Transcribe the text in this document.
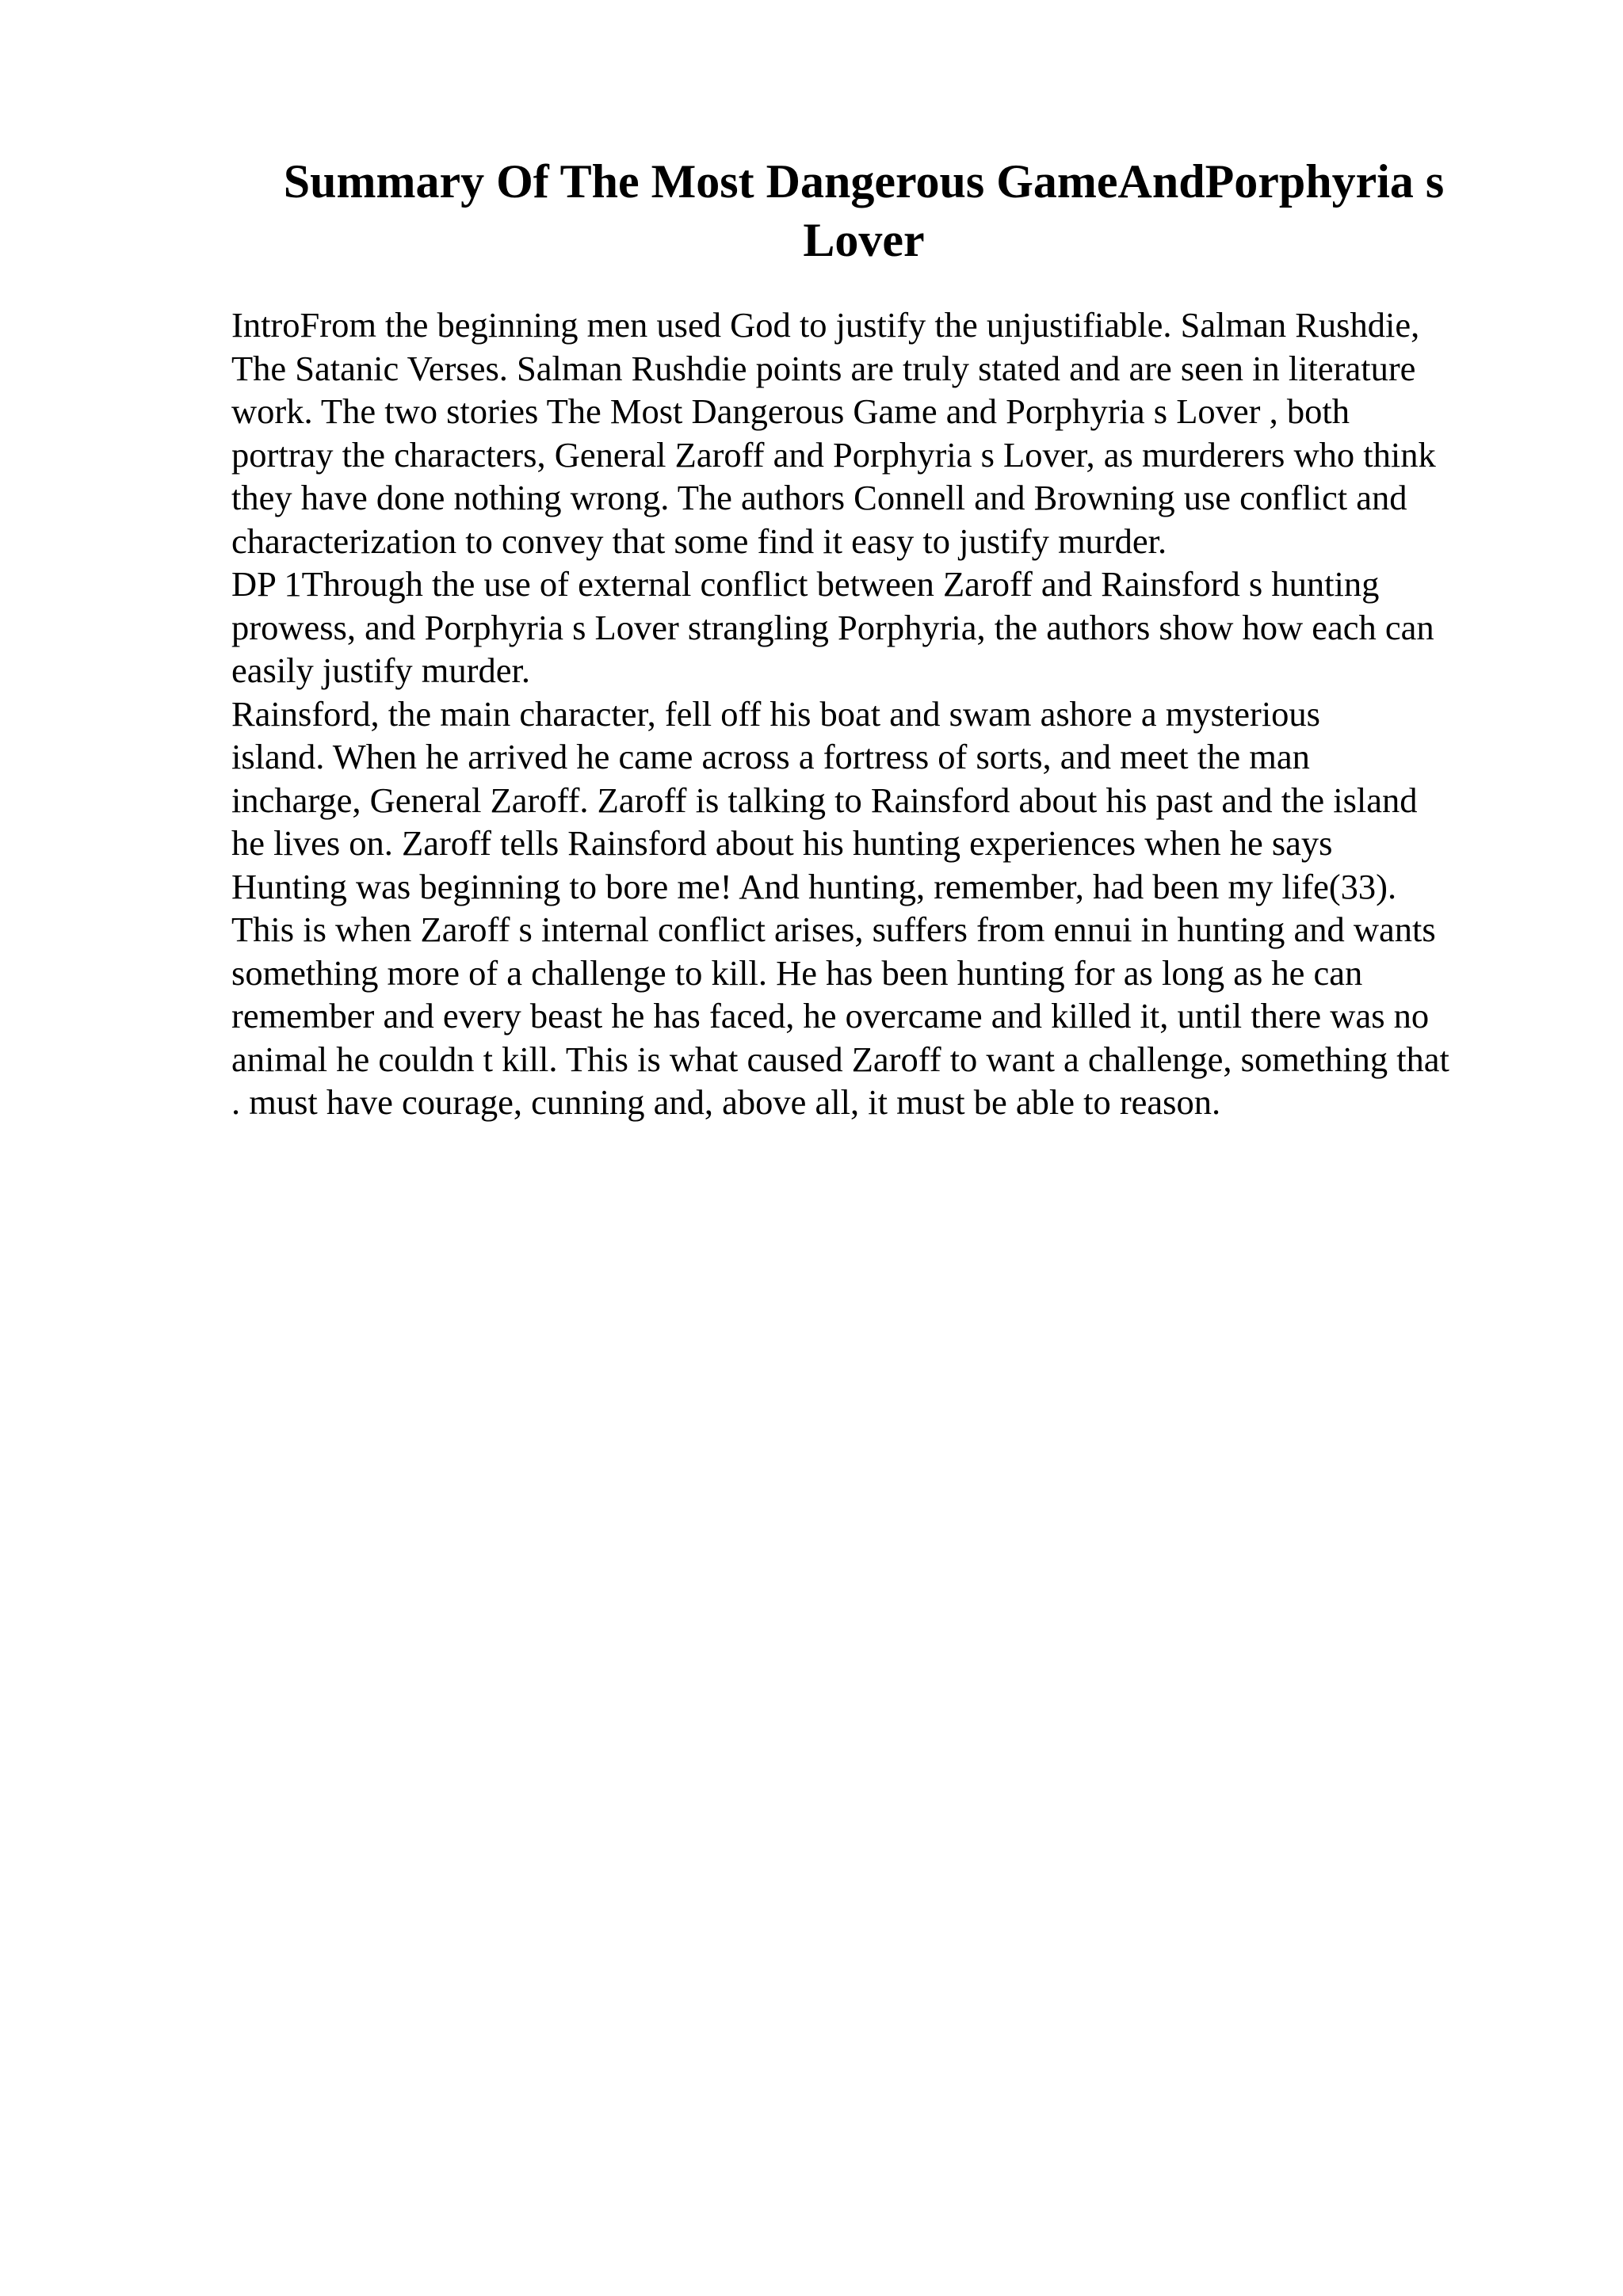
Summary Of The Most Dangerous GameAndPorphyria s
Lover
IntroFrom the beginning men used God to justify the unjustifiable. Salman Rushdie,
The Satanic Verses. Salman Rushdie points are truly stated and are seen in literature
work. The two stories The Most Dangerous Game and Porphyria s Lover , both
portray the characters, General Zaroff and Porphyria s Lover, as murderers who think
they have done nothing wrong. The authors Connell and Browning use conflict and
characterization to convey that some find it easy to justify murder.
DP 1Through the use of external conflict between Zaroff and Rainsford s hunting
prowess, and Porphyria s Lover strangling Porphyria, the authors show how each can
easily justify murder.
Rainsford, the main character, fell off his boat and swam ashore a mysterious
island. When he arrived he came across a fortress of sorts, and meet the man
incharge, General Zaroff. Zaroff is talking to Rainsford about his past and the island
he lives on. Zaroff tells Rainsford about his hunting experiences when he says
Hunting was beginning to bore me! And hunting, remember, had been my life(33).
This is when Zaroff s internal conflict arises, suffers from ennui in hunting and wants
something more of a challenge to kill. He has been hunting for as long as he can
remember and every beast he has faced, he overcame and killed it, until there was no
animal he couldn t kill. This is what caused Zaroff to want a challenge, something that
. must have courage, cunning and, above all, it must be able to reason.
